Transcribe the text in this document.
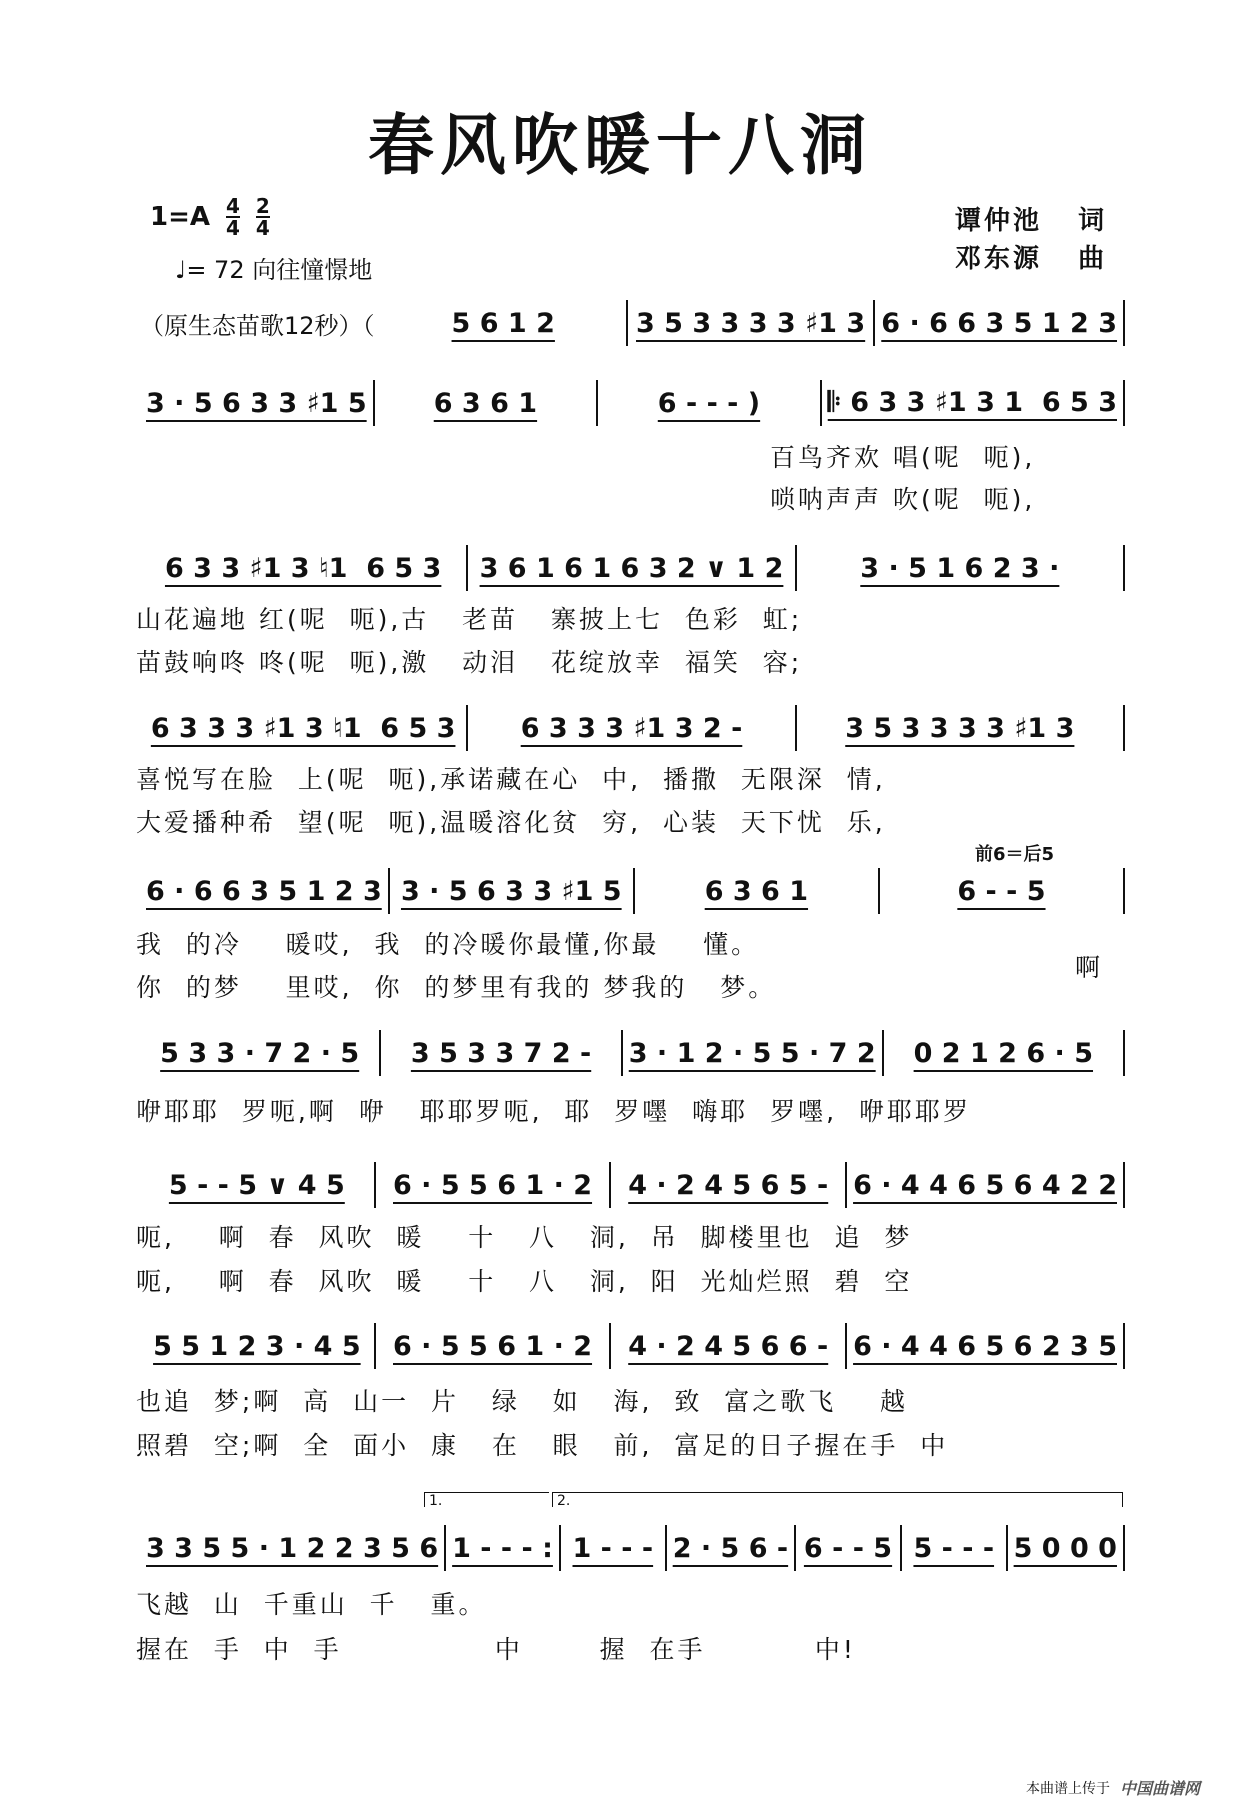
春风吹暖十八洞
$1=A \frac{4}{4} \frac{2}{4}$
♩= 72 向往憧憬地
谭仲池   词
邓东源   曲
（原生态苗歌12秒）（	5 6 1 2	3 5 3 3 3 3 ♯1 3 6 · 6 6 3 5 1 2 3
3 · 5 6 3 3 ♯1 5	6 3 6 1	6 - - - )	𝄆 6 3 3 ♯1 3 1  6 5 3
百鸟齐欢 唱(呢  呃),
唢呐声声 吹(呢  呃),
6 3 3 ♯1 3 ♮1  6 5 3	3 6 1 6 1 6 3 2 ∨ 1 2	3 · 5 1 6 2 3 ·
山花遍地 红(呢  呃),古   老苗   寨披上七  色彩  虹;
苗鼓响咚 咚(呢  呃),激   动泪   花绽放幸  福笑  容;
6 3 3 3 ♯1 3 ♮1  6 5 3	6 3 3 3 ♯1 3 2 -	3 5 3 3 3 3 ♯1 3
喜悦写在脸  上(呢  呃),承诺藏在心  中,  播撒  无限深  情,
大爱播种希  望(呢  呃),温暖溶化贫  穷,  心装  天下忧  乐,
6 · 6 6 3 5 1 2 3 3 · 5 6 3 3 ♯1 5	6 3 6 1	6 - - 5
我  的冷    暖哎,  我  的冷暖你最懂,你最    懂。
你  的梦    里哎,  你  的梦里有我的 梦我的   梦。
前6＝后5
啊
5 3 3 · 7 2 · 5	3 5 3 3 7 2 -	3 · 1 2 · 5 5 · 7 2	0 2 1 2 6 · 5
咿耶耶  罗呃,啊  咿   耶耶罗呃,  耶  罗嚜  嗨耶  罗嚜,  咿耶耶罗
5 - - 5 ∨ 4 5	6 · 5 5 6 1 · 2	4 · 2 4 5 6 5 - 6 · 4 4 6 5 6 4 2 2
呃,    啊  春  风吹  暖    十   八   洞,  吊  脚楼里也  追  梦
呃,    啊  春  风吹  暖    十   八   洞,  阳  光灿烂照  碧  空
5 5 1 2 3 · 4 5	6 · 5 5 6 1 · 2	4 · 2 4 5 6 6 - 6 · 4 4 6 5 6 2 3 5
也追  梦;啊  高  山一  片   绿   如   海,  致  富之歌飞    越
照碧  空;啊  全  面小  康   在   眼   前,  富足的日子握在手  中
3 3 5 5 · 1 2 2 3 5 6 1 - - - : 1 - - - 2 · 5 6 - 6 - - 5 5 - - - 5 0 0 0
飞越  山  千重山  千   重。
握在  手  中  手              中       握  在手          中!
1.	2.
本曲谱上传于 中国曲谱网
